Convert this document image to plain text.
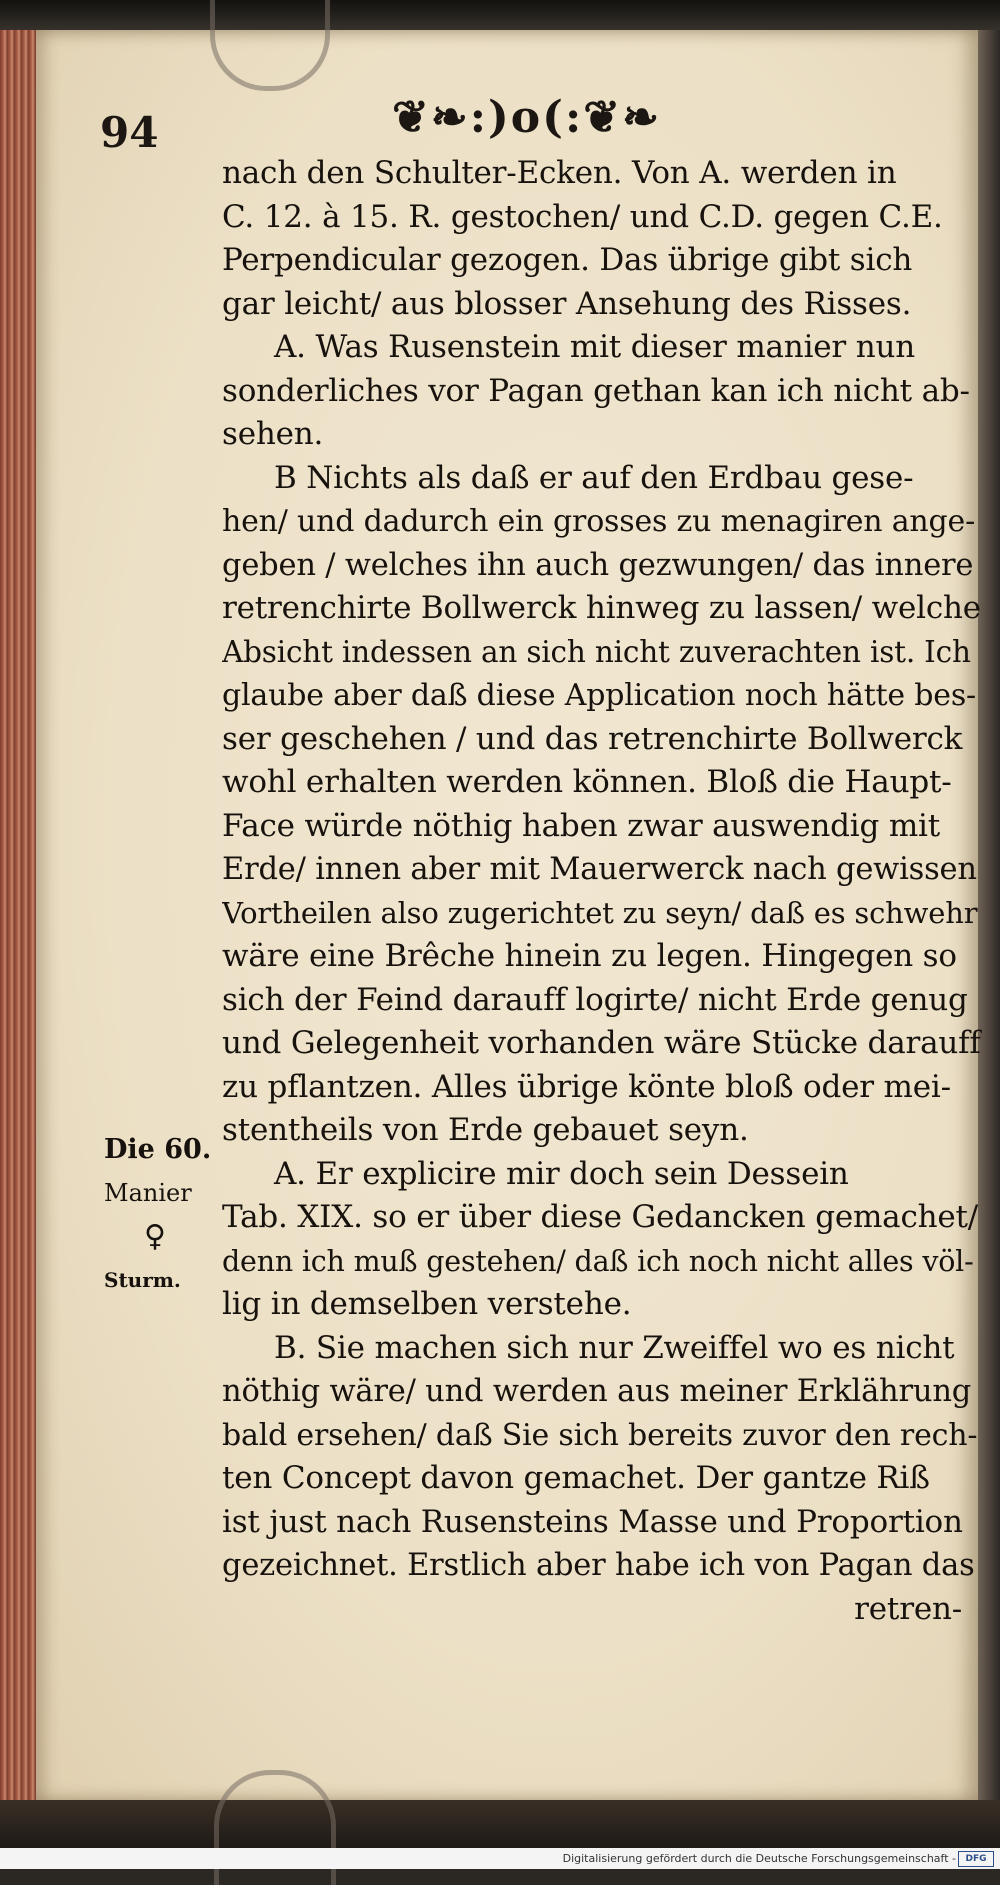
94	❦❧:)o(:❦❧
nach den Schulter-Ecken. Von A. werden in
C. 12. à 15. R. gestochen/ und C.D. gegen C.E.
Perpendicular gezogen. Das übrige gibt sich
gar leicht/ aus blosser Ansehung des Risses.
A. Was Rusenstein mit dieser manier nun
sonderliches vor Pagan gethan kan ich nicht ab-
sehen.
B Nichts als daß er auf den Erdbau gese-
hen/ und dadurch ein grosses zu menagiren ange-
geben / welches ihn auch gezwungen/ das innere
retrenchirte Bollwerck hinweg zu lassen/ welche
Absicht indessen an sich nicht zuverachten ist. Ich
glaube aber daß diese Application noch hätte bes-
ser geschehen / und das retrenchirte Bollwerck
wohl erhalten werden können. Bloß die Haupt-
Face würde nöthig haben zwar auswendig mit
Erde/ innen aber mit Mauerwerck nach gewissen
Vortheilen also zugerichtet zu seyn/ daß es schwehr
wäre eine Brêche hinein zu legen. Hingegen so
sich der Feind darauff logirte/ nicht Erde genug
und Gelegenheit vorhanden wäre Stücke darauff
zu pflantzen. Alles übrige könte bloß oder mei-
stentheils von Erde gebauet seyn.
A. Er explicire mir doch sein Dessein
Tab. XIX. so er über diese Gedancken gemachet/
denn ich muß gestehen/ daß ich noch nicht alles völ-
lig in demselben verstehe.
B. Sie machen sich nur Zweiffel wo es nicht
nöthig wäre/ und werden aus meiner Erklährung
bald ersehen/ daß Sie sich bereits zuvor den rech-
ten Concept davon gemachet. Der gantze Riß
ist just nach Rusensteins Masse und Proportion
gezeichnet. Erstlich aber habe ich von Pagan das
retren-
Die 60.
Manier
♀
Sturm.
Digitalisierung gefördert durch die Deutsche Forschungsgemeinschaft -	DFG
